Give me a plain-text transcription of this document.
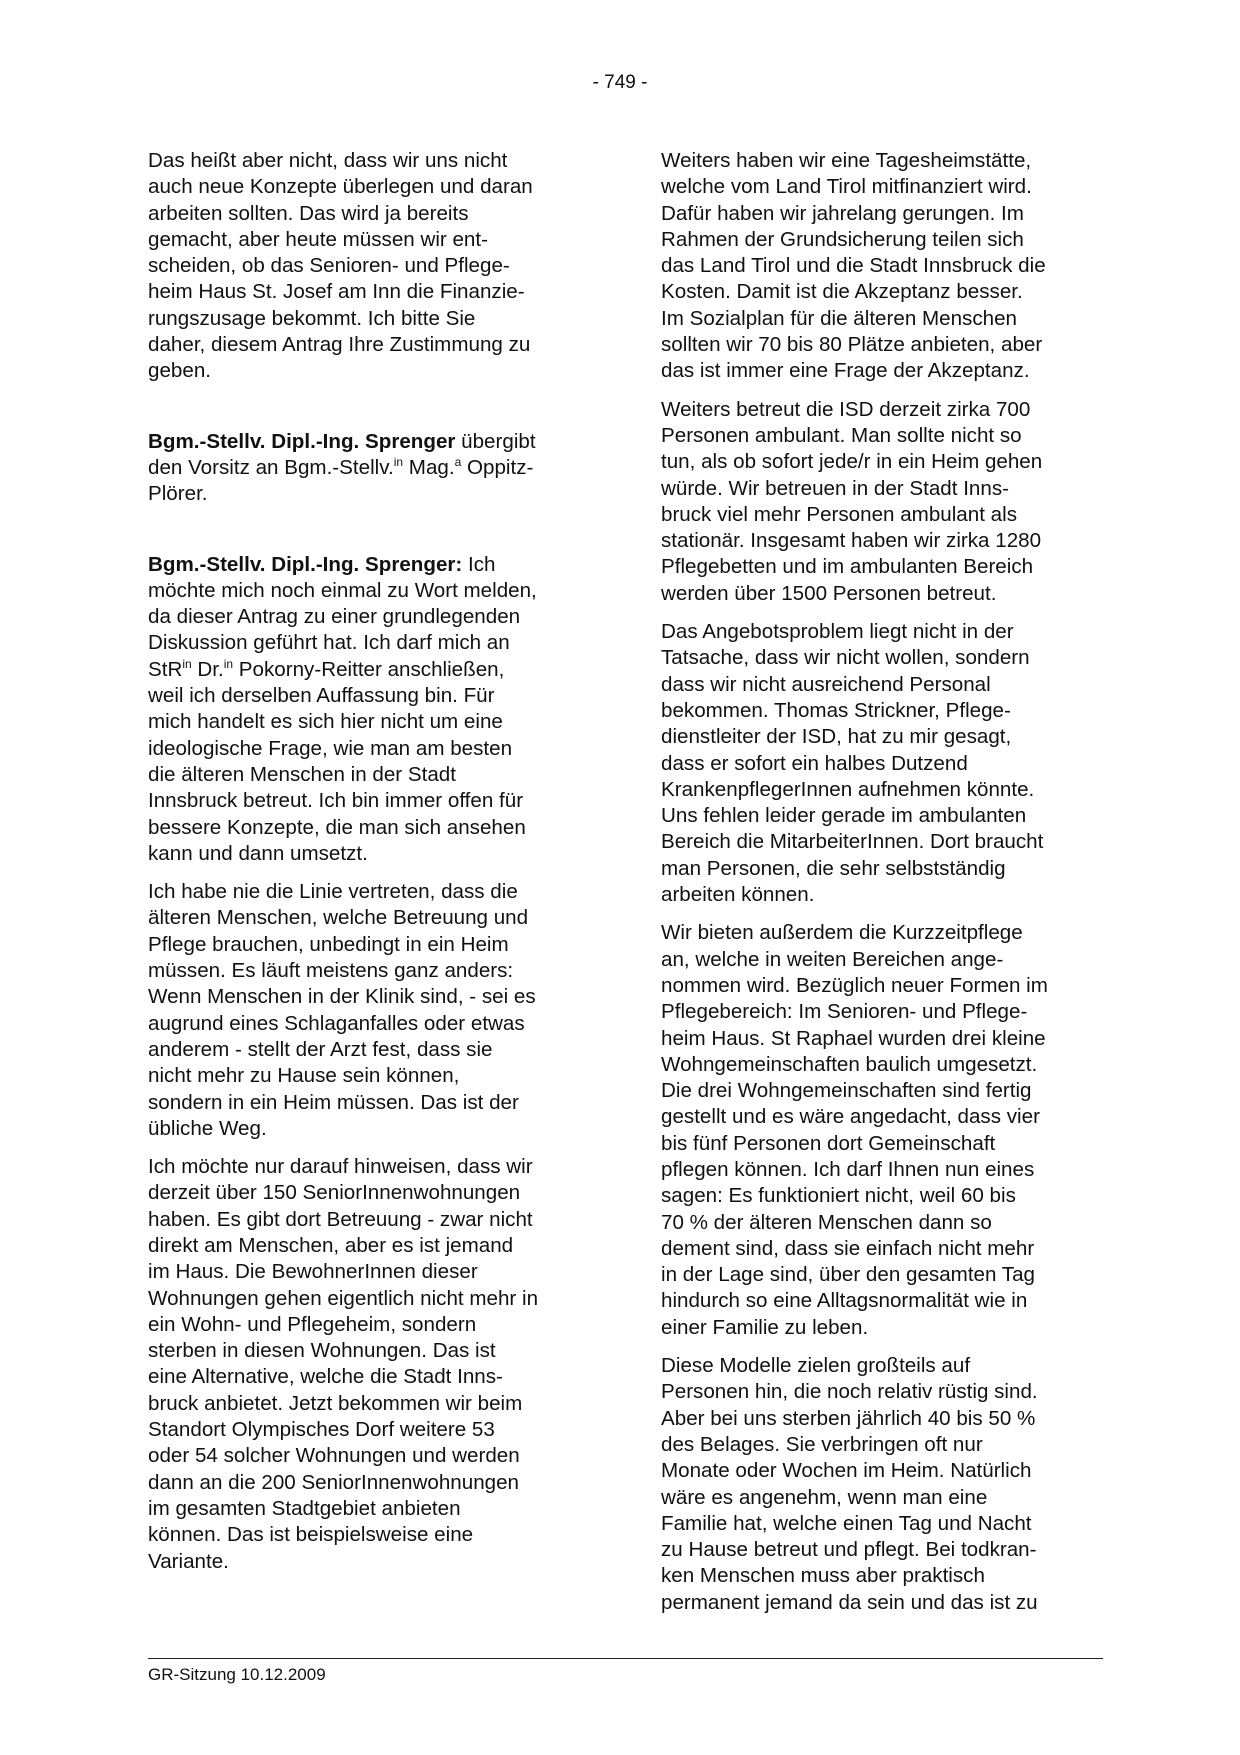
- 749 -

Das heißt aber nicht, dass wir uns nicht
auch neue Konzepte überlegen und daran
arbeiten sollten. Das wird ja bereits
gemacht, aber heute müssen wir ent-
scheiden, ob das Senioren- und Pflege-
heim Haus St. Josef am Inn die Finanzie-
rungszusage bekommt. Ich bitte Sie
daher, diesem Antrag Ihre Zustimmung zu
geben.

Bgm.-Stellv. Dipl.-Ing. Sprenger übergibt
den Vorsitz an Bgm.-Stellv.$^{in}$ Mag.$^a$ Oppitz-
Plörer.

Bgm.-Stellv. Dipl.-Ing. Sprenger: Ich
möchte mich noch einmal zu Wort melden,
da dieser Antrag zu einer grundlegenden
Diskussion geführt hat. Ich darf mich an
StR$^{in}$ Dr.$^{in}$ Pokorny-Reitter anschließen,
weil ich derselben Auffassung bin. Für
mich handelt es sich hier nicht um eine
ideologische Frage, wie man am besten
die älteren Menschen in der Stadt
Innsbruck betreut. Ich bin immer offen für
bessere Konzepte, die man sich ansehen
kann und dann umsetzt.

Ich habe nie die Linie vertreten, dass die
älteren Menschen, welche Betreuung und
Pflege brauchen, unbedingt in ein Heim
müssen. Es läuft meistens ganz anders:
Wenn Menschen in der Klinik sind, - sei es
augrund eines Schlaganfalles oder etwas
anderem - stellt der Arzt fest, dass sie
nicht mehr zu Hause sein können,
sondern in ein Heim müssen. Das ist der
übliche Weg.

Ich möchte nur darauf hinweisen, dass wir
derzeit über 150 SeniorInnenwohnungen
haben. Es gibt dort Betreuung - zwar nicht
direkt am Menschen, aber es ist jemand
im Haus. Die BewohnerInnen dieser
Wohnungen gehen eigentlich nicht mehr in
ein Wohn- und Pflegeheim, sondern
sterben in diesen Wohnungen. Das ist
eine Alternative, welche die Stadt Inns-
bruck anbietet. Jetzt bekommen wir beim
Standort Olympisches Dorf weitere 53
oder 54 solcher Wohnungen und werden
dann an die 200 SeniorInnenwohnungen
im gesamten Stadtgebiet anbieten
können. Das ist beispielsweise eine
Variante.

Weiters haben wir eine Tagesheimstätte,
welche vom Land Tirol mitfinanziert wird.
Dafür haben wir jahrelang gerungen. Im
Rahmen der Grundsicherung teilen sich
das Land Tirol und die Stadt Innsbruck die
Kosten. Damit ist die Akzeptanz besser.
Im Sozialplan für die älteren Menschen
sollten wir 70 bis 80 Plätze anbieten, aber
das ist immer eine Frage der Akzeptanz.

Weiters betreut die ISD derzeit zirka 700
Personen ambulant. Man sollte nicht so
tun, als ob sofort jede/r in ein Heim gehen
würde. Wir betreuen in der Stadt Inns-
bruck viel mehr Personen ambulant als
stationär. Insgesamt haben wir zirka 1280
Pflegebetten und im ambulanten Bereich
werden über 1500 Personen betreut.

Das Angebotsproblem liegt nicht in der
Tatsache, dass wir nicht wollen, sondern
dass wir nicht ausreichend Personal
bekommen. Thomas Strickner, Pflege-
dienstleiter der ISD, hat zu mir gesagt,
dass er sofort ein halbes Dutzend
KrankenpflegerInnen aufnehmen könnte.
Uns fehlen leider gerade im ambulanten
Bereich die MitarbeiterInnen. Dort braucht
man Personen, die sehr selbstständig
arbeiten können.

Wir bieten außerdem die Kurzzeitpflege
an, welche in weiten Bereichen ange-
nommen wird. Bezüglich neuer Formen im
Pflegebereich: Im Senioren- und Pflege-
heim Haus. St Raphael wurden drei kleine
Wohngemeinschaften baulich umgesetzt.
Die drei Wohngemeinschaften sind fertig
gestellt und es wäre angedacht, dass vier
bis fünf Personen dort Gemeinschaft
pflegen können. Ich darf Ihnen nun eines
sagen: Es funktioniert nicht, weil 60 bis
70 % der älteren Menschen dann so
dement sind, dass sie einfach nicht mehr
in der Lage sind, über den gesamten Tag
hindurch so eine Alltagsnormalität wie in
einer Familie zu leben.

Diese Modelle zielen großteils auf
Personen hin, die noch relativ rüstig sind.
Aber bei uns sterben jährlich 40 bis 50 %
des Belages. Sie verbringen oft nur
Monate oder Wochen im Heim. Natürlich
wäre es angenehm, wenn man eine
Familie hat, welche einen Tag und Nacht
zu Hause betreut und pflegt. Bei todkran-
ken Menschen muss aber praktisch
permanent jemand da sein und das ist zu

GR-Sitzung 10.12.2009
